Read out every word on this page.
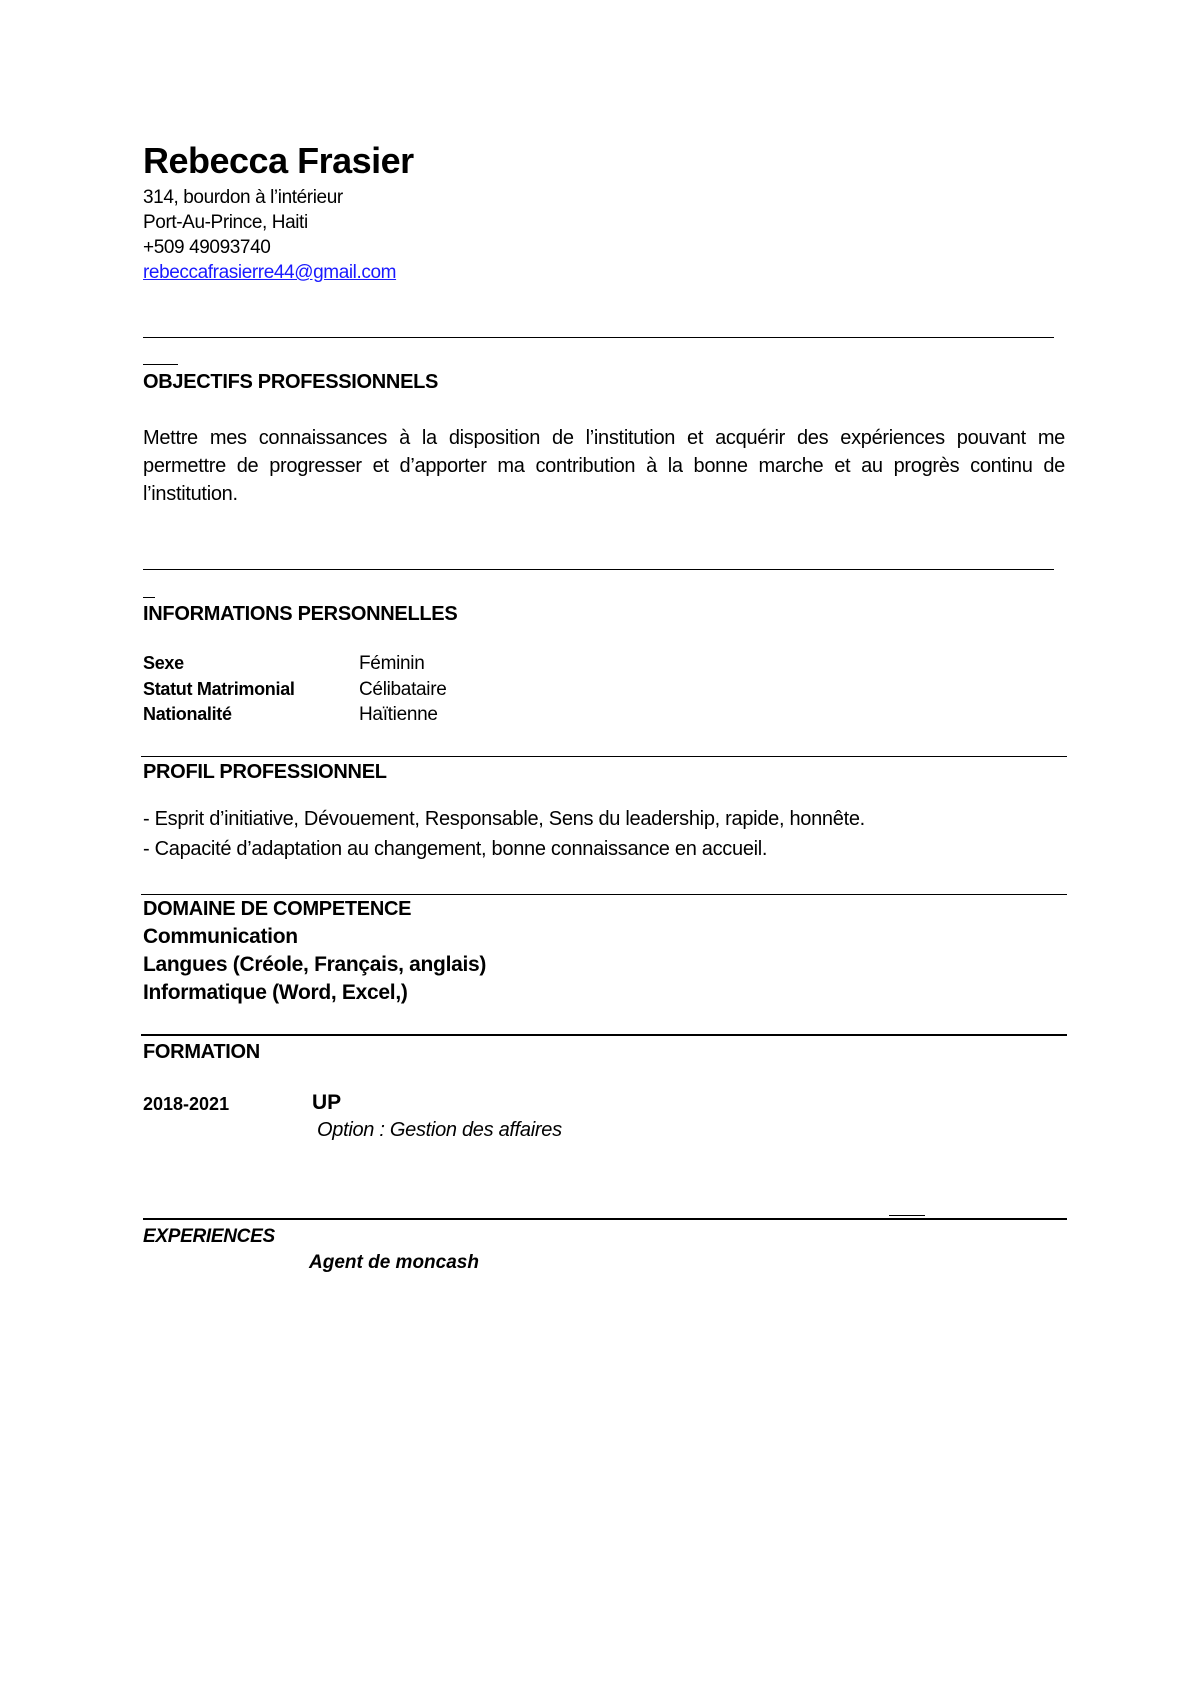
Rebecca Frasier
314, bourdon à l’intérieur
Port-Au-Prince, Haiti
+509 49093740
rebeccafrasierre44@gmail.com
OBJECTIFS PROFESSIONNELS
Mettre mes connaissances à la disposition de l’institution et acquérir des expériences pouvant me permettre de progresser et d’apporter ma contribution à la bonne marche et au progrès continu de l’institution.
INFORMATIONS PERSONNELLES
Sexe	Féminin
Statut Matrimonial	Célibataire
Nationalité	Haïtienne
PROFIL PROFESSIONNEL
- Esprit d’initiative, Dévouement, Responsable, Sens du leadership, rapide, honnête.
- Capacité d’adaptation au changement, bonne connaissance en accueil.
DOMAINE DE COMPETENCE
Communication
Langues (Créole, Français, anglais)
Informatique (Word, Excel,)
FORMATION
2018-2021	UP
Option : Gestion des affaires
EXPERIENCES
Agent de moncash
